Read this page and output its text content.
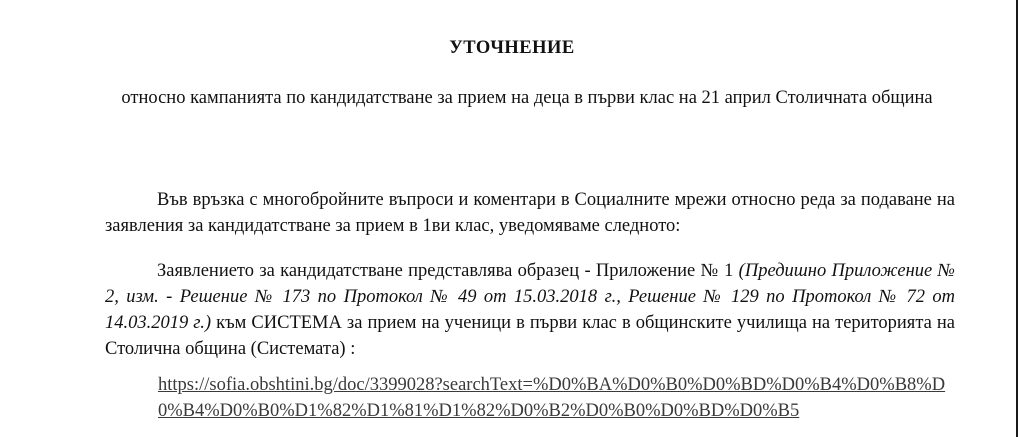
УТОЧНЕНИЕ
относно кампанията по кандидатстване за прием на деца в първи клас на 21 април Столичната община
Във връзка с многобройните въпроси и коментари в Социалните мрежи относно реда за подаване на заявления за кандидатстване за прием в 1ви клас, уведомяваме следното:
Заявлението за кандидатстване представлява образец - Приложение № 1 (Предишно Приложение № 2, изм. - Решение № 173 по Протокол № 49 от 15.03.2018 г., Решение № 129 по Протокол № 72 от 14.03.2019 г.) към СИСТЕМА за прием на ученици в първи клас в общинските училища на територията на Столична община (Системата) :
https://sofia.obshtini.bg/doc/3399028?searchText=%D0%BA%D0%B0%D0%BD%D0%B4%D0%B8%D0%B4%D0%B0%D1%82%D1%81%D1%82%D0%B2%D0%B0%D0%BD%D0%B5
